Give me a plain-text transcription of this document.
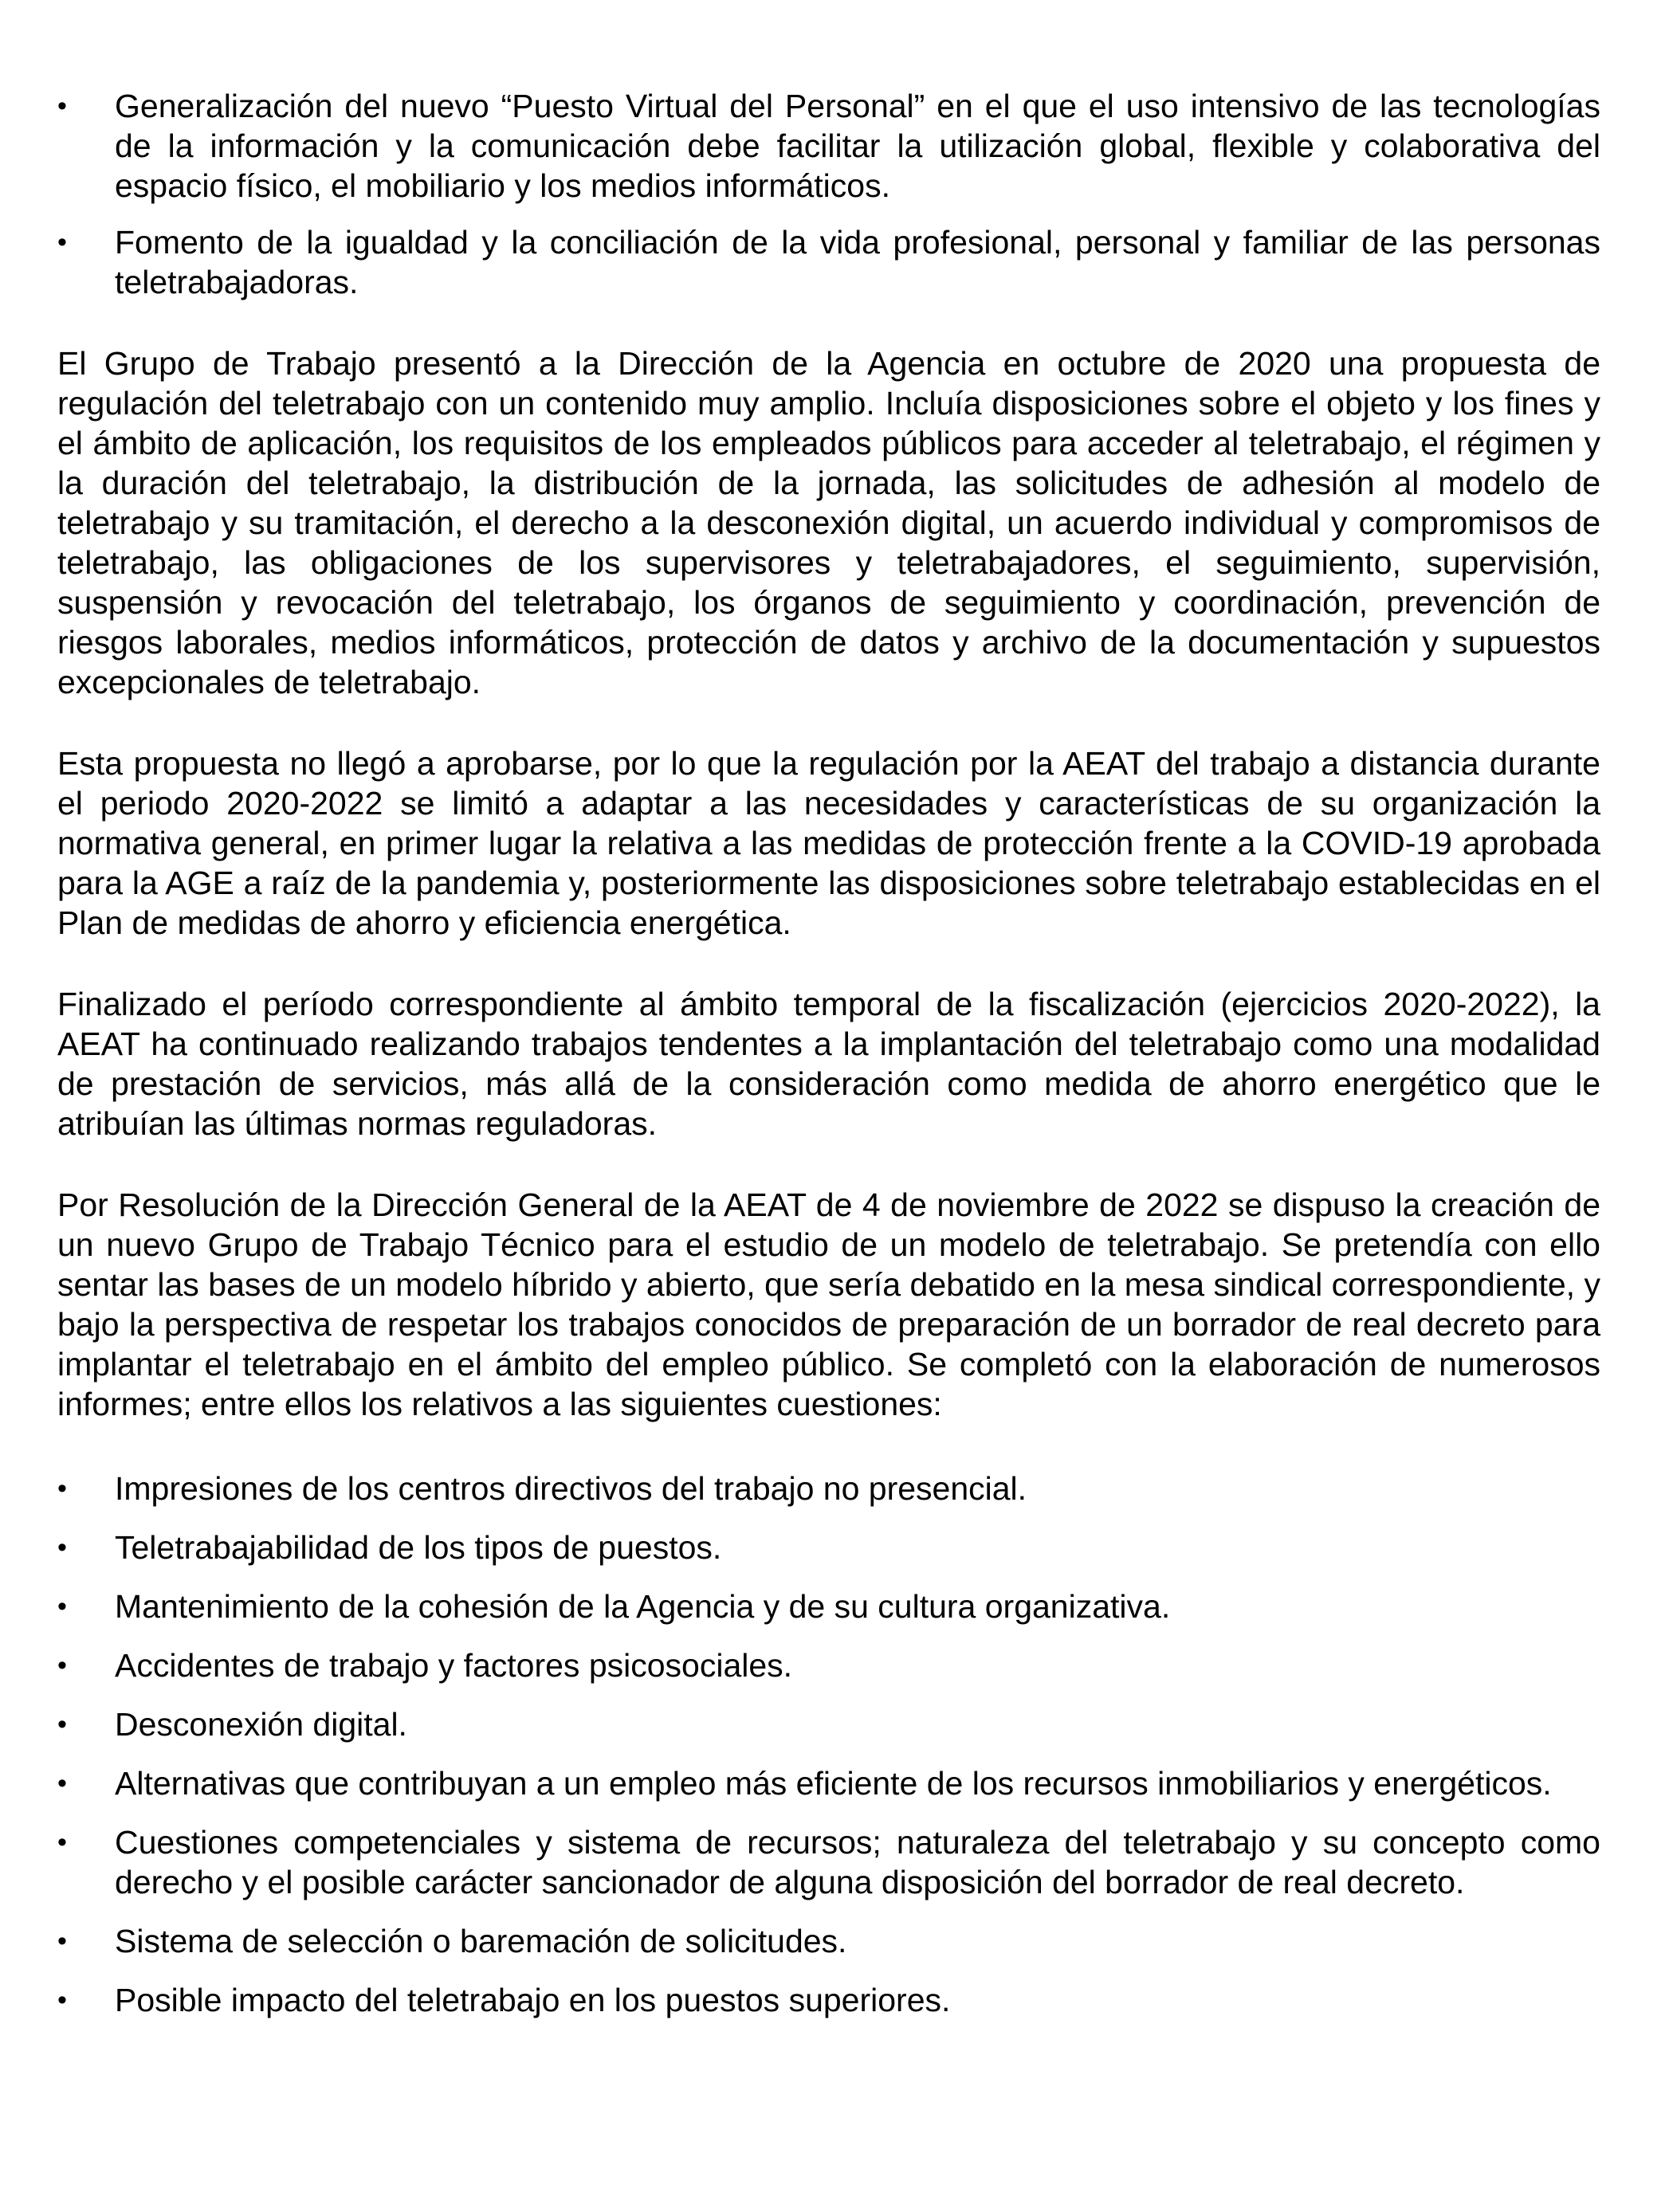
•	Generalización del nuevo “Puesto Virtual del Personal” en el que el uso intensivo de las tecnologías de la información y la comunicación debe facilitar la utilización global, flexible y colaborativa del espacio físico, el mobiliario y los medios informáticos.
•	Fomento de la igualdad y la conciliación de la vida profesional, personal y familiar de las personas teletrabajadoras.

El Grupo de Trabajo presentó a la Dirección de la Agencia en octubre de 2020 una propuesta de regulación del teletrabajo con un contenido muy amplio. Incluía disposiciones sobre el objeto y los fines y el ámbito de aplicación, los requisitos de los empleados públicos para acceder al teletrabajo, el régimen y la duración del teletrabajo, la distribución de la jornada, las solicitudes de adhesión al modelo de teletrabajo y su tramitación, el derecho a la desconexión digital, un acuerdo individual y compromisos de teletrabajo, las obligaciones de los supervisores y teletrabajadores, el seguimiento, supervisión, suspensión y revocación del teletrabajo, los órganos de seguimiento y coordinación, prevención de riesgos laborales, medios informáticos, protección de datos y archivo de la documentación y supuestos excepcionales de teletrabajo.

Esta propuesta no llegó a aprobarse, por lo que la regulación por la AEAT del trabajo a distancia durante el periodo 2020-2022 se limitó a adaptar a las necesidades y características de su organización la normativa general, en primer lugar la relativa a las medidas de protección frente a la COVID-19 aprobada para la AGE a raíz de la pandemia y, posteriormente las disposiciones sobre teletrabajo establecidas en el Plan de medidas de ahorro y eficiencia energética.

Finalizado el período correspondiente al ámbito temporal de la fiscalización (ejercicios 2020-2022), la AEAT ha continuado realizando trabajos tendentes a la implantación del teletrabajo como una modalidad de prestación de servicios, más allá de la consideración como medida de ahorro energético que le atribuían las últimas normas reguladoras.

Por Resolución de la Dirección General de la AEAT de 4 de noviembre de 2022 se dispuso la creación de un nuevo Grupo de Trabajo Técnico para el estudio de un modelo de teletrabajo. Se pretendía con ello sentar las bases de un modelo híbrido y abierto, que sería debatido en la mesa sindical correspondiente, y bajo la perspectiva de respetar los trabajos conocidos de preparación de un borrador de real decreto para implantar el teletrabajo en el ámbito del empleo público. Se completó con la elaboración de numerosos informes; entre ellos los relativos a las siguientes cuestiones:

•	Impresiones de los centros directivos del trabajo no presencial.
•	Teletrabajabilidad de los tipos de puestos.
•	Mantenimiento de la cohesión de la Agencia y de su cultura organizativa.
•	Accidentes de trabajo y factores psicosociales.
•	Desconexión digital.
•	Alternativas que contribuyan a un empleo más eficiente de los recursos inmobiliarios y energéticos.
•	Cuestiones competenciales y sistema de recursos; naturaleza del teletrabajo y su concepto como derecho y el posible carácter sancionador de alguna disposición del borrador de real decreto.
•	Sistema de selección o baremación de solicitudes.
•	Posible impacto del teletrabajo en los puestos superiores.
